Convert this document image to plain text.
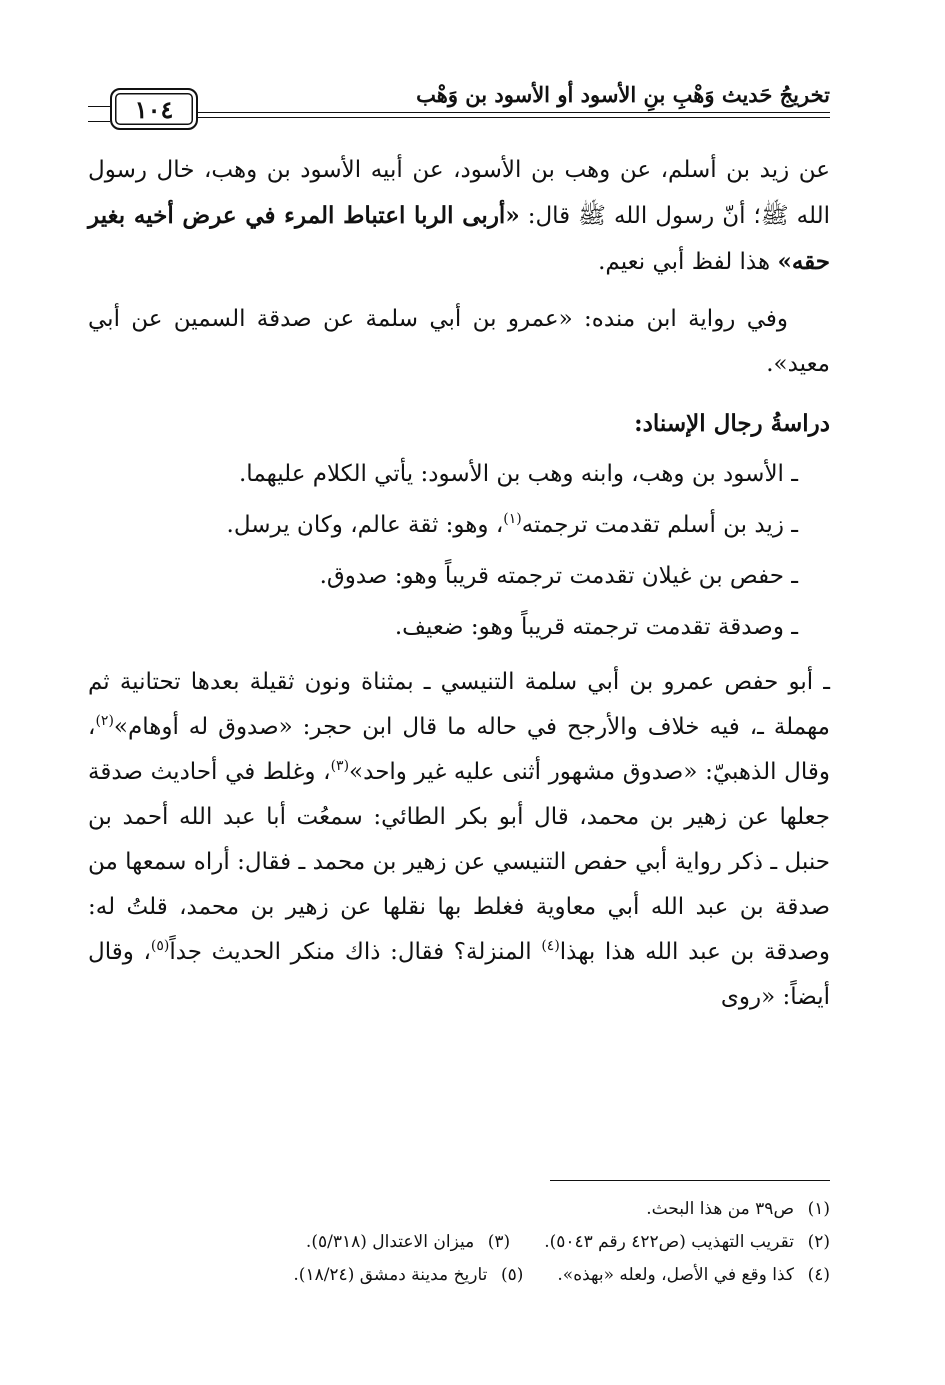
تخريجُ حَديث وَهْبِ بنِ الأسود أو الأسود بن وَهْب
١٠٤

عن زيد بن أسلم، عن وهب بن الأسود، عن أبيه الأسود بن وهب، خال رسول الله ﷺ؛ أنّ رسول الله ﷺ قال: «أربى الربا اعتباط المرء في عرض أخيه بغير حقه» هذا لفظ أبي نعيم.

وفي رواية ابن منده: «عمرو بن أبي سلمة عن صدقة السمين عن أبي معيد».

دراسةُ رجال الإسناد:

ـ الأسود بن وهب، وابنه وهب بن الأسود: يأتي الكلام عليهما.

ـ زيد بن أسلم تقدمت ترجمته$^{(١)}$، وهو: ثقة عالم، وكان يرسل.

ـ حفص بن غيلان تقدمت ترجمته قريباً وهو: صدوق.

ـ وصدقة تقدمت ترجمته قريباً وهو: ضعيف.

ـ أبو حفص عمرو بن أبي سلمة التنيسي ـ بمثناة ونون ثقيلة بعدها تحتانية ثم مهملة ـ، فيه خلاف والأرجح في حاله ما قال ابن حجر: «صدوق له أوهام»$^{(٢)}$، وقال الذهبيّ: «صدوق مشهور أثنى عليه غير واحد»$^{(٣)}$، وغلط في أحاديث صدقة جعلها عن زهير بن محمد، قال أبو بكر الطائي: سمعُت أبا عبد الله أحمد بن حنبل ـ ذكر رواية أبي حفص التنيسي عن زهير بن محمد ـ فقال: أراه سمعها من صدقة بن عبد الله أبي معاوية فغلط بها نقلها عن زهير بن محمد، قلتُ له: وصدقة بن عبد الله هذا بهذا$^{(٤)}$ المنزلة؟ فقال: ذاك منكر الحديث جداً$^{(٥)}$، وقال أيضاً: «روى

(١)ص٣٩ من هذا البحث.
(٢)تقريب التهذيب (ص٤٢٢ رقم ٥٠٤٣).
(٣)ميزان الاعتدال (٥/٣١٨).
(٤)كذا وقع في الأصل، ولعله «بهذه».
(٥)تاريخ مدينة دمشق (١٨/٢٤).
